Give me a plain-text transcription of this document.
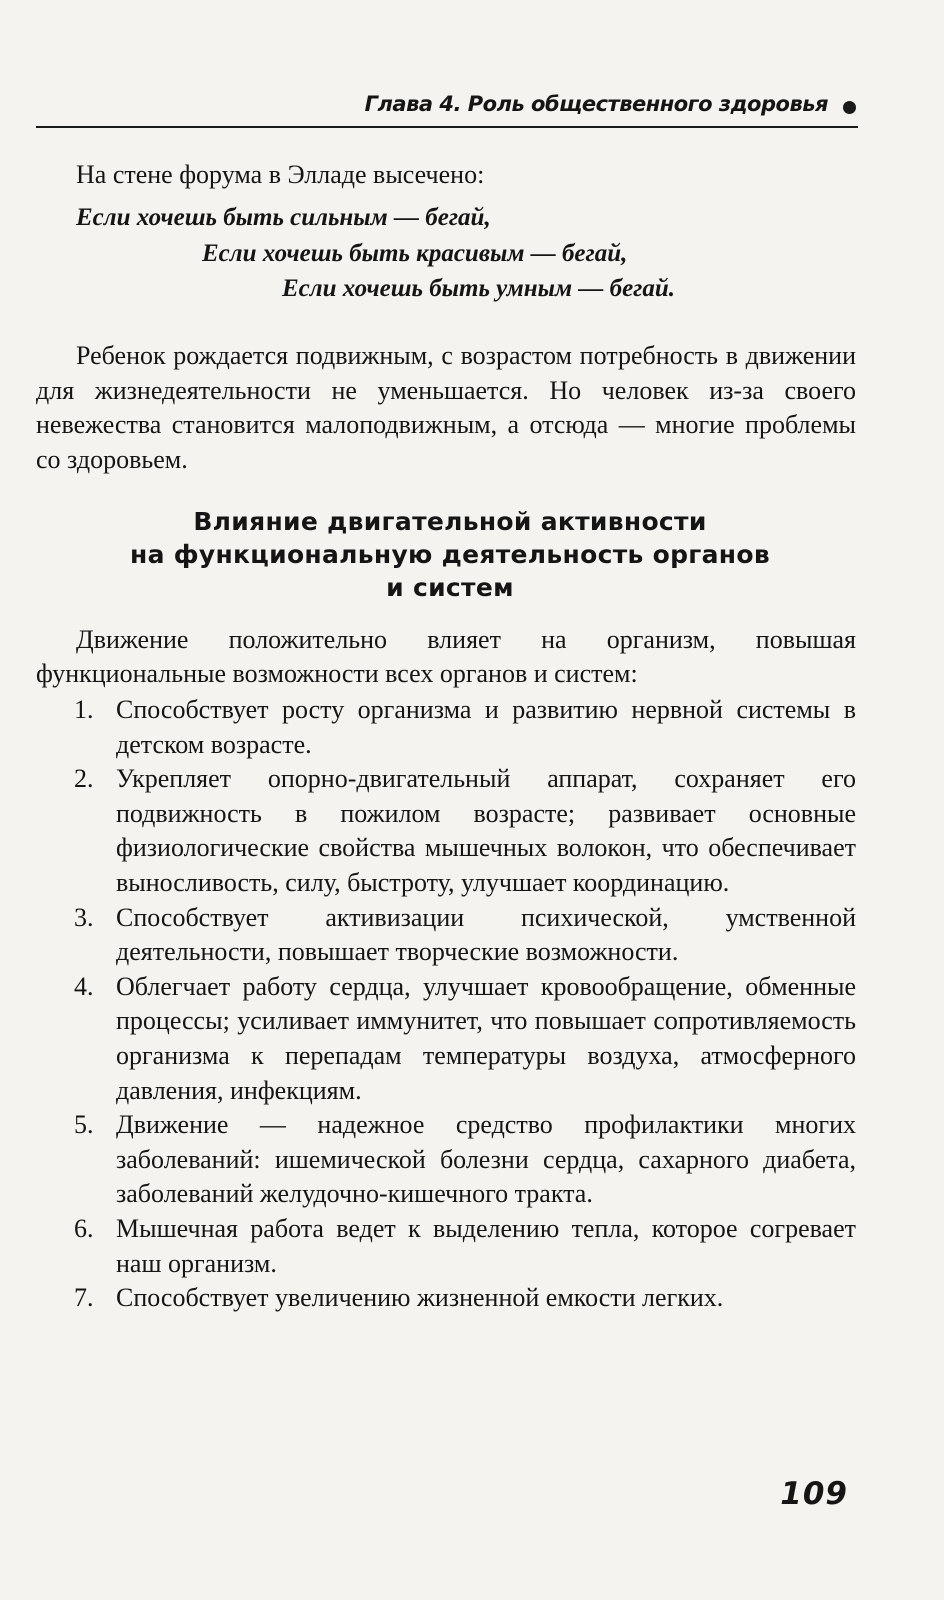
Глава 4. Роль общественного здоровья
На стене форума в Элладе высечено:
Если хочешь быть сильным — бегай,
Если хочешь быть красивым — бегай,
Если хочешь быть умным — бегай.
Ребенок рождается подвижным, с возрастом потребность в движении для жизнедеятельности не уменьшается. Но человек из-за своего невежества становится малоподвижным, а отсюда — многие проблемы со здоровьем.
Влияние двигательной активности
на функциональную деятельность органов
и систем
Движение положительно влияет на организм, повышая функциональные возможности всех органов и систем:
1. Способствует росту организма и развитию нервной системы в детском возрасте.
2. Укрепляет опорно-двигательный аппарат, сохраняет его подвижность в пожилом возрасте; развивает основные физиологические свойства мышечных волокон, что обеспечивает выносливость, силу, быстроту, улучшает координацию.
3. Способствует активизации психической, умственной деятельности, повышает творческие возможности.
4. Облегчает работу сердца, улучшает кровообращение, обменные процессы; усиливает иммунитет, что повышает сопротивляемость организма к перепадам температуры воздуха, атмосферного давления, инфекциям.
5. Движение — надежное средство профилактики многих заболеваний: ишемической болезни сердца, сахарного диабета, заболеваний желудочно-кишечного тракта.
6. Мышечная работа ведет к выделению тепла, которое согревает наш организм.
7. Способствует увеличению жизненной емкости легких.
109
